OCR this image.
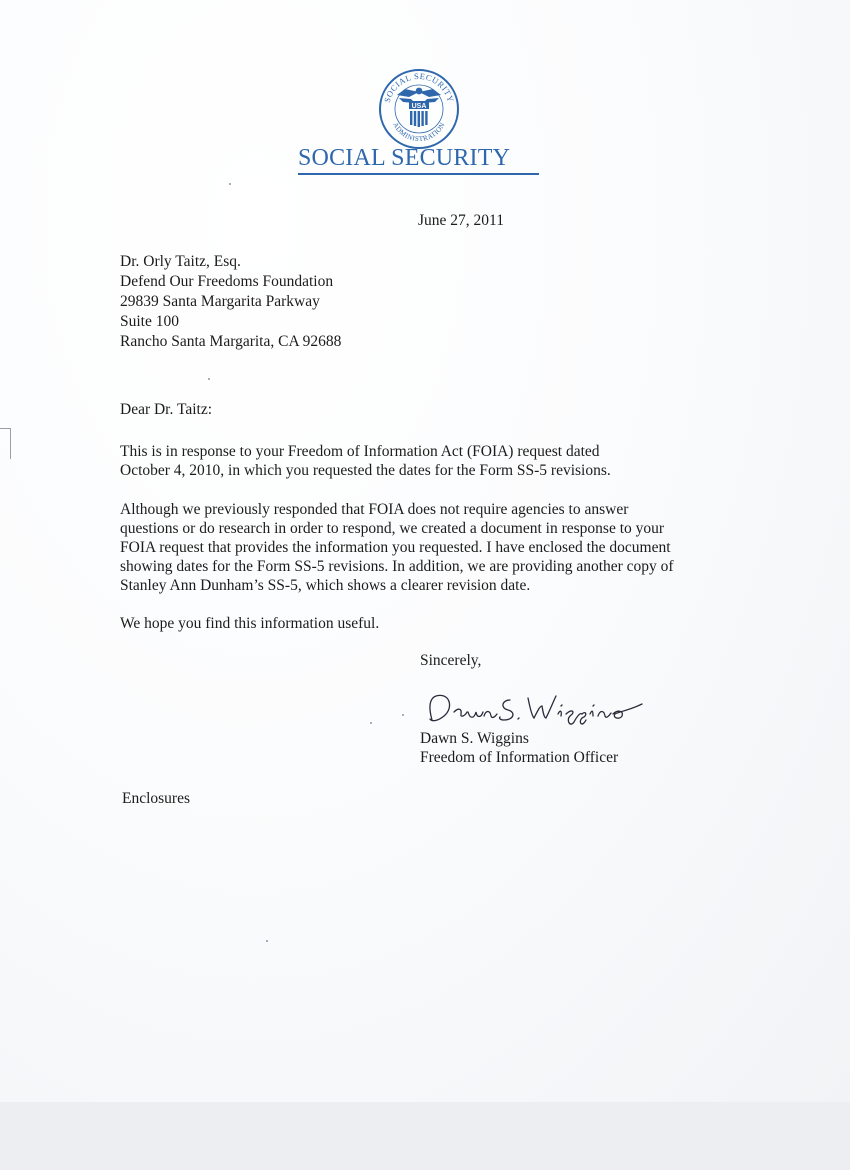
SOCIAL SECURITY
ADMINISTRATION
USA
SOCIAL SECURITY

June 27, 2011

Dr. Orly Taitz, Esq.
Defend Our Freedoms Foundation
29839 Santa Margarita Parkway
Suite 100
Rancho Santa Margarita, CA 92688

Dear Dr. Taitz:

This is in response to your Freedom of Information Act (FOIA) request dated
October 4, 2010, in which you requested the dates for the Form SS-5 revisions.
Although we previously responded that FOIA does not require agencies to answer
questions or do research in order to respond, we created a document in response to your
FOIA request that provides the information you requested. I have enclosed the document
showing dates for the Form SS-5 revisions. In addition, we are providing another copy of
Stanley Ann Dunham’s SS-5, which shows a clearer revision date.
We hope you find this information useful.

Sincerely,

Dawn S. Wiggins

Freedom of Information Officer

Enclosures
